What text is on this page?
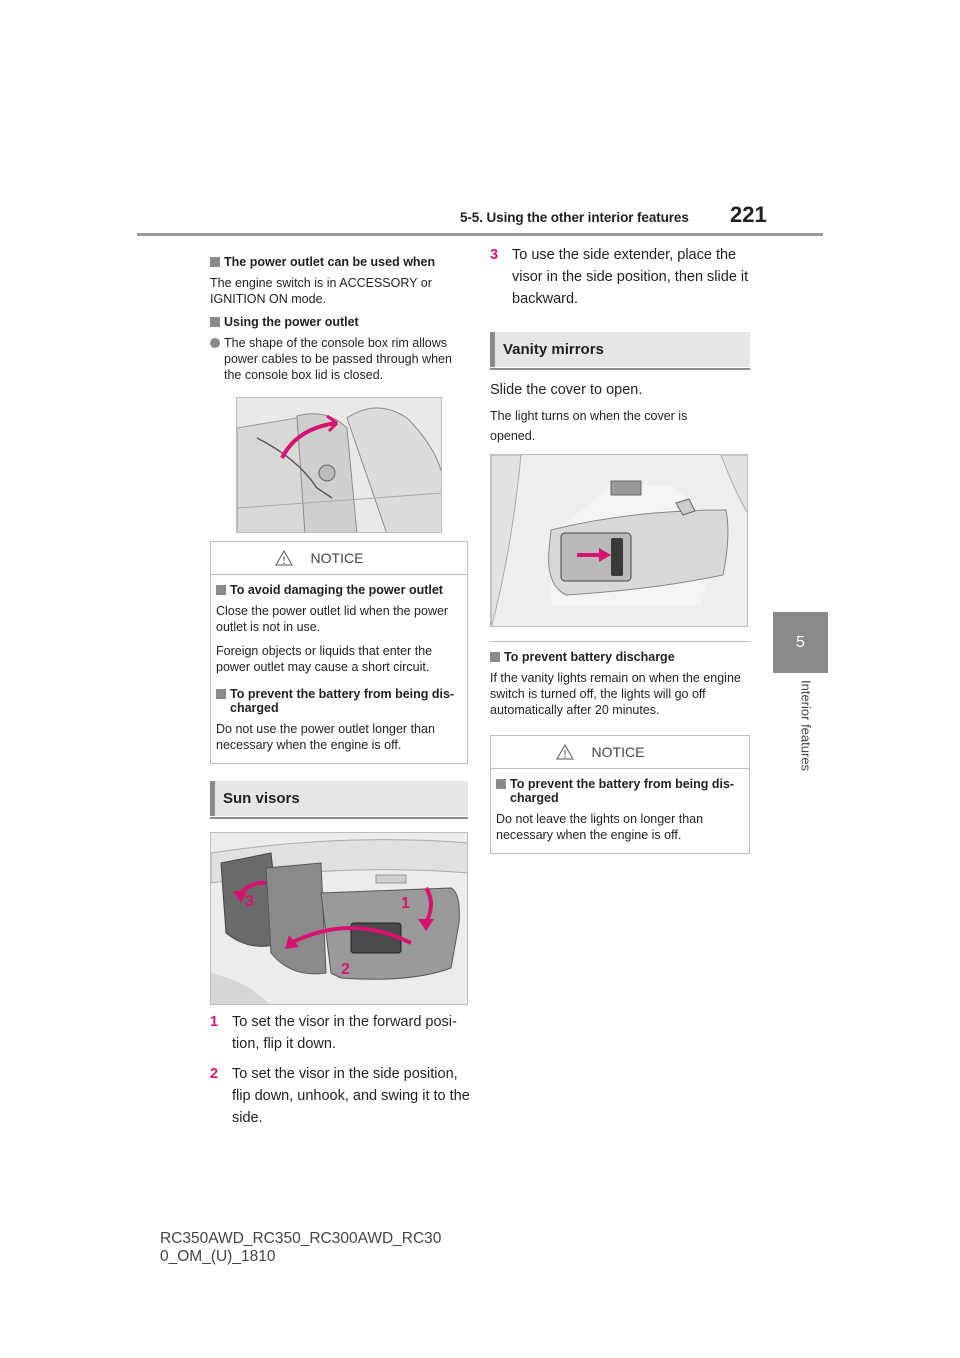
5-5. Using the other interior features 221
5
Interior features
The power outlet can be used when

The engine switch is in ACCESSORY or IGNITION ON mode.

Using the power outlet
The shape of the console box rim allows power cables to be passed through when the console box lid is closed.
NOTICE
To avoid damaging the power outlet

Close the power outlet lid when the power outlet is not in use.

Foreign objects or liquids that enter the power outlet may cause a short circuit.

To prevent the battery from being dis-charged

Do not use the power outlet longer than necessary when the engine is off.

Sun visors
3
2
1
1 To set the visor in the forward posi-tion, flip it down.
2 To set the visor in the side position, flip down, unhook, and swing it to the side.
3 To use the side extender, place the visor in the side position, then slide it backward.
Vanity mirrors

Slide the cover to open.

The light turns on when the cover is opened.

To prevent battery discharge

If the vanity lights remain on when the engine switch is turned off, the lights will go off automatically after 20 minutes.

NOTICE
To prevent the battery from being dis-charged

Do not leave the lights on longer than necessary when the engine is off.

RC350AWD_RC350_RC300AWD_RC30
0_OM_(U)_1810
